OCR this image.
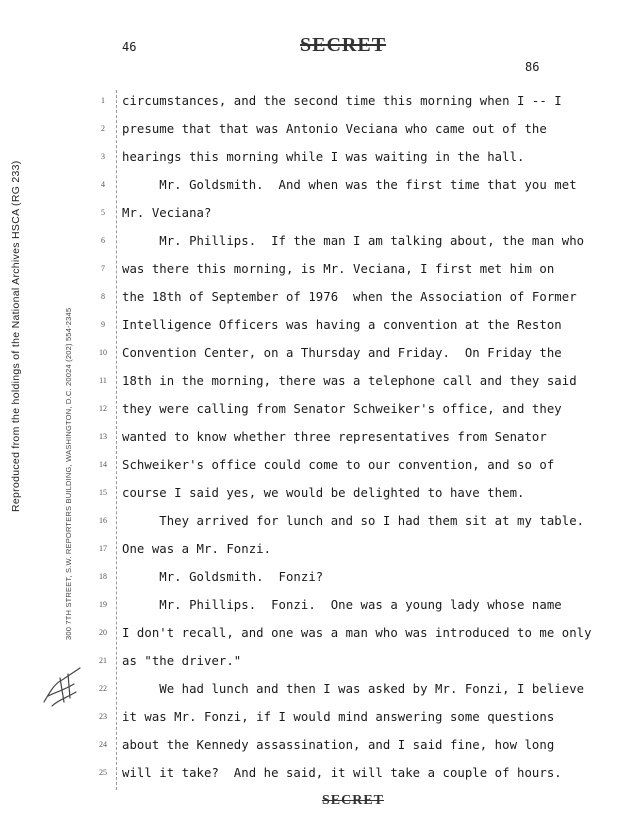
Reproduced from the holdings of the National Archives HSCA (RG 233)	300 7TH STREET, S.W. REPORTERS BUILDING, WASHINGTON, D.C. 20024 (202) 554-2345
46	SECRET
86
1
2
3
4
5
6
7
8
9
10
11
12
13
14
15
16
17
18
19
20
21
22
23
24
25
circumstances, and the second time this morning when I -- I
presume that that was Antonio Veciana who came out of the
hearings this morning while I was waiting in the hall.
Mr. Goldsmith.  And when was the first time that you met
Mr. Veciana?
Mr. Phillips.  If the man I am talking about, the man who
was there this morning, is Mr. Veciana, I first met him on
the 18th of September of 1976  when the Association of Former
Intelligence Officers was having a convention at the Reston
Convention Center, on a Thursday and Friday.  On Friday the
18th in the morning, there was a telephone call and they said
they were calling from Senator Schweiker's office, and they
wanted to know whether three representatives from Senator
Schweiker's office could come to our convention, and so of
course I said yes, we would be delighted to have them.
They arrived for lunch and so I had them sit at my table.
One was a Mr. Fonzi.
Mr. Goldsmith.  Fonzi?
Mr. Phillips.  Fonzi.  One was a young lady whose name
I don't recall, and one was a man who was introduced to me only
as "the driver."
We had lunch and then I was asked by Mr. Fonzi, I believe
it was Mr. Fonzi, if I would mind answering some questions
about the Kennedy assassination, and I said fine, how long
will it take?  And he said, it will take a couple of hours.
SECRET
